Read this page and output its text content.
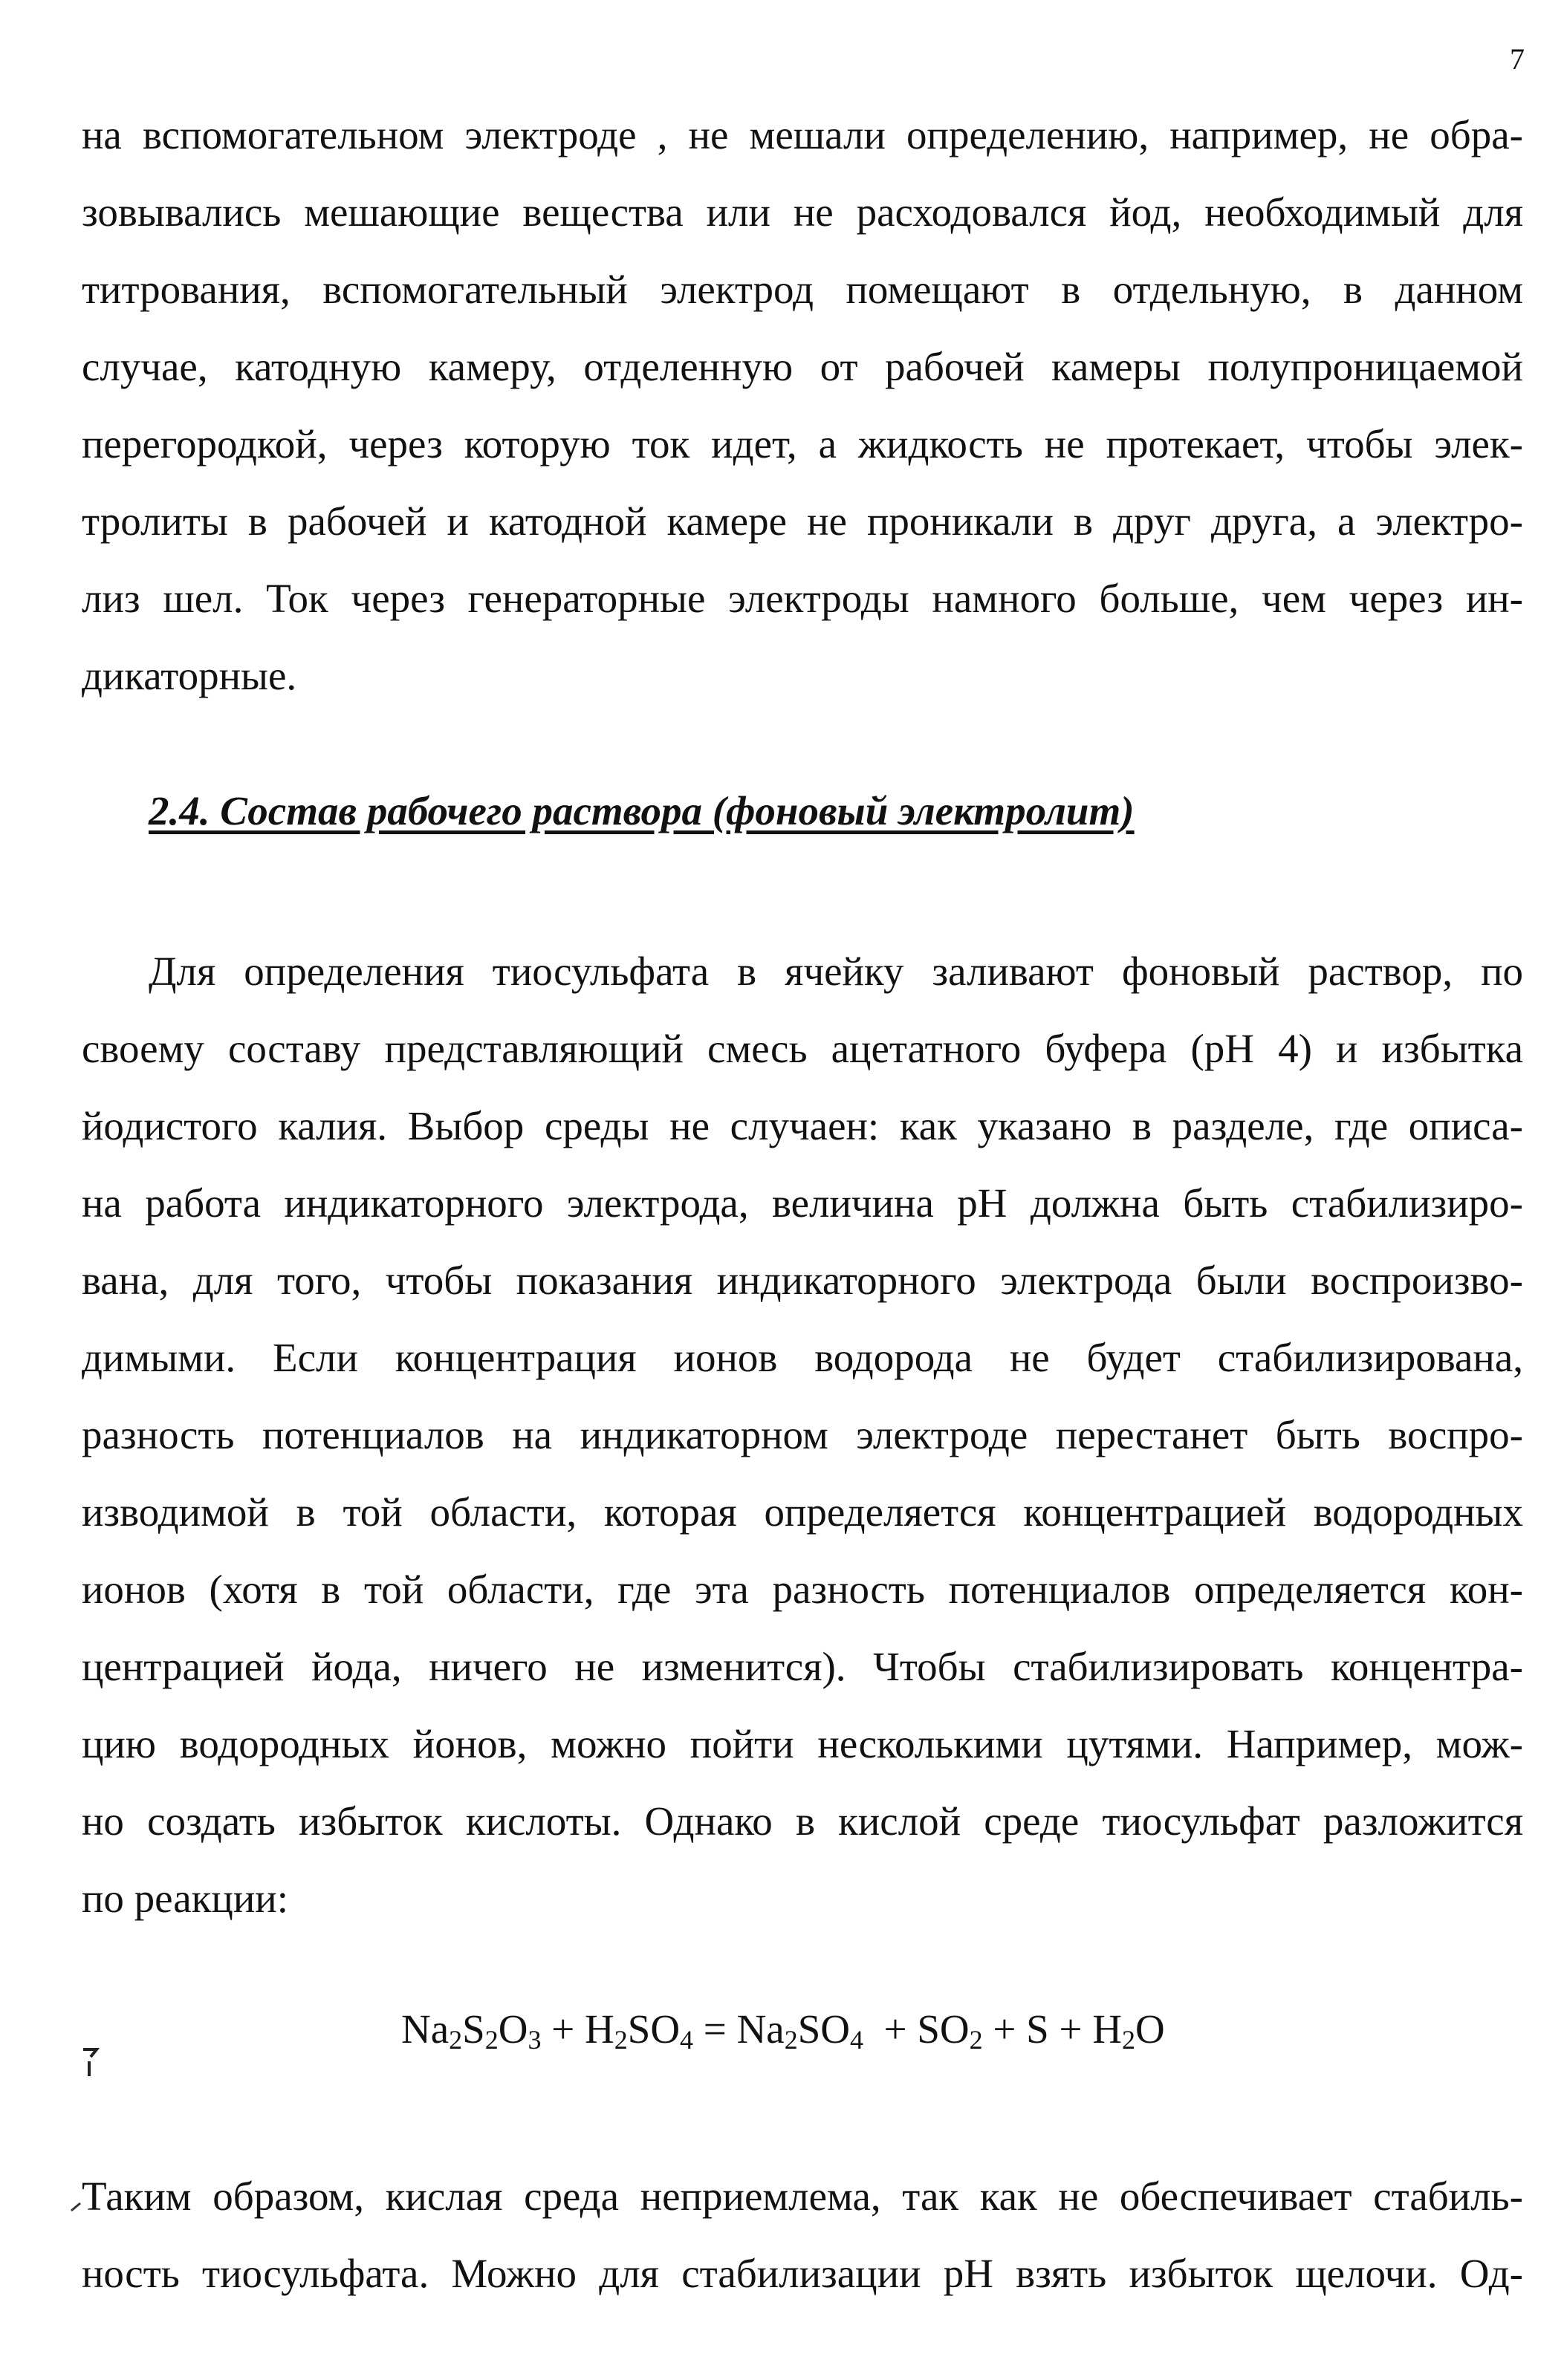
7
на вспомогательном электроде , не мешали определению, например, не обра-
зовывались мешающие вещества или не расходовался йод, необходимый для
титрования, вспомогательный электрод помещают в отдельную, в данном
случае, катодную камеру, отделенную от рабочей камеры полупроницаемой
перегородкой, через которую ток идет, а жидкость не протекает, чтобы элек-
тролиты в рабочей и катодной камере не проникали в друг друга, а электро-
лиз шел. Ток через генераторные электроды намного больше, чем через ин-
дикаторные.
2.4. Состав рабочего раствора (фоновый электролит)
Для определения тиосульфата в ячейку заливают фоновый раствор, по
своему составу представляющий смесь ацетатного буфера (pH 4) и избытка
йодистого калия. Выбор среды не случаен: как указано в разделе, где описа-
на работа индикаторного электрода, величина pH должна быть стабилизиро-
вана, для того, чтобы показания индикаторного электрода были воспроизво-
димыми. Если концентрация ионов водорода не будет стабилизирована,
разность потенциалов на индикаторном электроде перестанет быть воспро-
изводимой в той области, которая определяется концентрацией водородных
ионов (хотя в той области, где эта разность потенциалов определяется кон-
центрацией йода, ничего не изменится). Чтобы стабилизировать концентра-
цию водородных йонов, можно пойти несколькими цутями. Например, мож-
но создать избыток кислоты. Однако в кислой среде тиосульфат разложится
по реакции:
$Na_2S_2O_3 + H_2SO_4 = Na_2SO_4 + SO_2 + S + H_2O$
Таким образом, кислая среда неприемлема, так как не обеспечивает стабиль-
ность тиосульфата. Можно для стабилизации pH взять избыток щелочи. Од-
